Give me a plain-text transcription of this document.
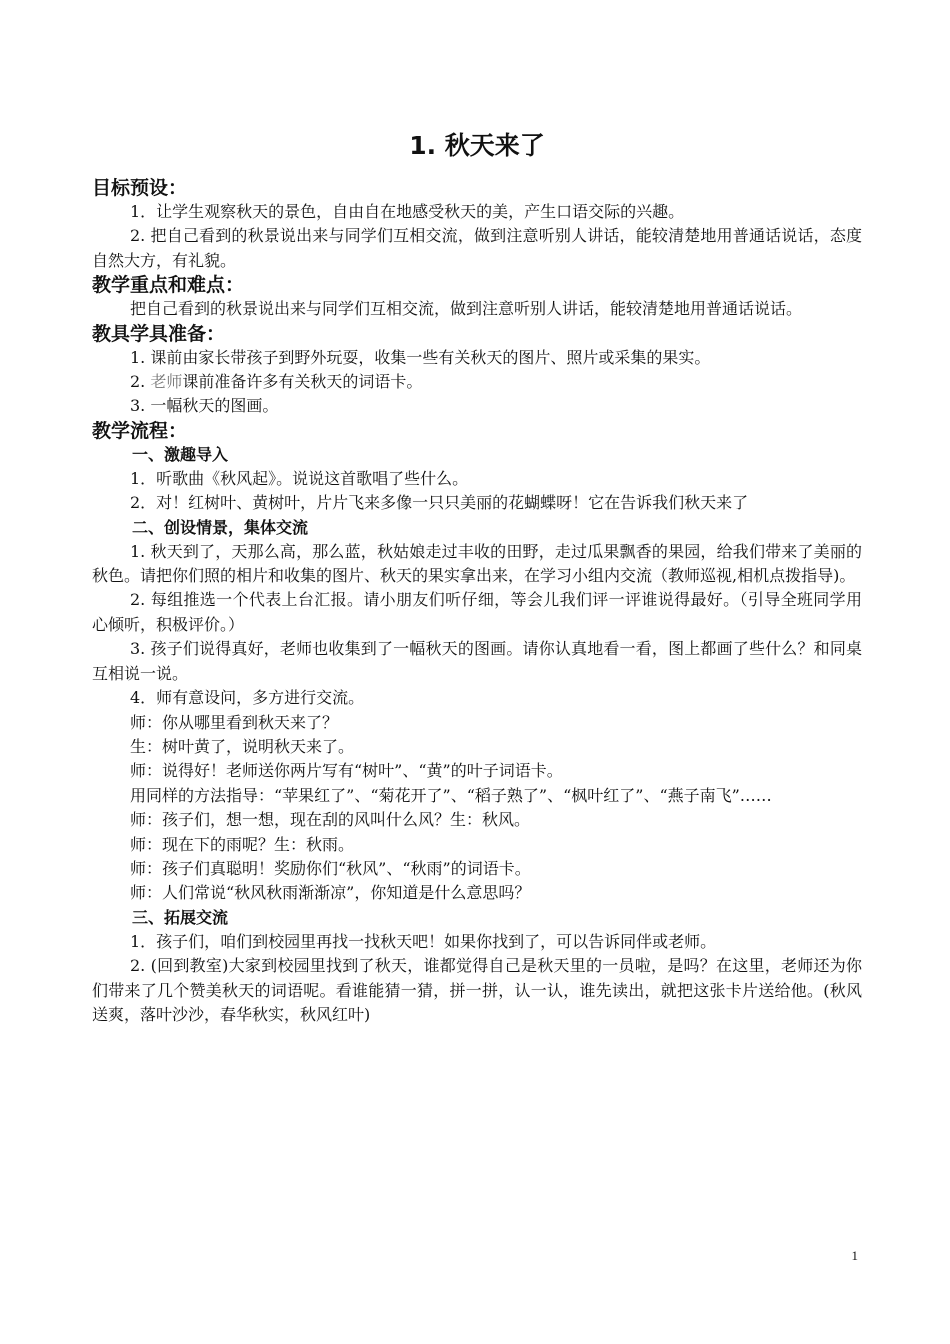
1. 秋天来了
目标预设：

1．让学生观察秋天的景色，自由自在地感受秋天的美，产生口语交际的兴趣。

2. 把自己看到的秋景说出来与同学们互相交流，做到注意听别人讲话，能较清楚地用普通话说话，态度自然大方，有礼貌。

教学重点和难点：

把自己看到的秋景说出来与同学们互相交流，做到注意听别人讲话，能较清楚地用普通话说话。

教具学具准备：

1. 课前由家长带孩子到野外玩耍，收集一些有关秋天的图片、照片或采集的果实。

2. 老师课前准备许多有关秋天的词语卡。

3. 一幅秋天的图画。

教学流程：
一、激趣导入

1．听歌曲《秋风起》。说说这首歌唱了些什么。

2．对！红树叶、黄树叶，片片飞来多像一只只美丽的花蝴蝶呀！它在告诉我们秋天来了

二、创设情景，集体交流

1. 秋天到了，天那么高，那么蓝，秋姑娘走过丰收的田野，走过瓜果飘香的果园，给我们带来了美丽的秋色。请把你们照的相片和收集的图片、秋天的果实拿出来，在学习小组内交流（教师巡视,相机点拨指导)。

2. 每组推选一个代表上台汇报。请小朋友们听仔细，等会儿我们评一评谁说得最好。（引导全班同学用心倾听，积极评价。）

3. 孩子们说得真好，老师也收集到了一幅秋天的图画。请你认真地看一看，图上都画了些什么？和同桌互相说一说。

4．师有意设问，多方进行交流。

师：你从哪里看到秋天来了？

生：树叶黄了，说明秋天来了。

师：说得好！老师送你两片写有“树叶”、“黄”的叶子词语卡。

用同样的方法指导：“苹果红了”、“菊花开了”、“稻子熟了”、“枫叶红了”、“燕子南飞”……

师：孩子们，想一想，现在刮的风叫什么风？生：秋风。

师：现在下的雨呢？生：秋雨。

师：孩子们真聪明！奖励你们“秋风”、“秋雨”的词语卡。

师：人们常说“秋风秋雨渐渐凉”，你知道是什么意思吗？

三、拓展交流

1．孩子们，咱们到校园里再找一找秋天吧！如果你找到了，可以告诉同伴或老师。

2. (回到教室)大家到校园里找到了秋天，谁都觉得自己是秋天里的一员啦，是吗？在这里，老师还为你们带来了几个赞美秋天的词语呢。看谁能猜一猜，拼一拼，认一认，谁先读出，就把这张卡片送给他。(秋风送爽，落叶沙沙，春华秋实，秋风红叶)

1
